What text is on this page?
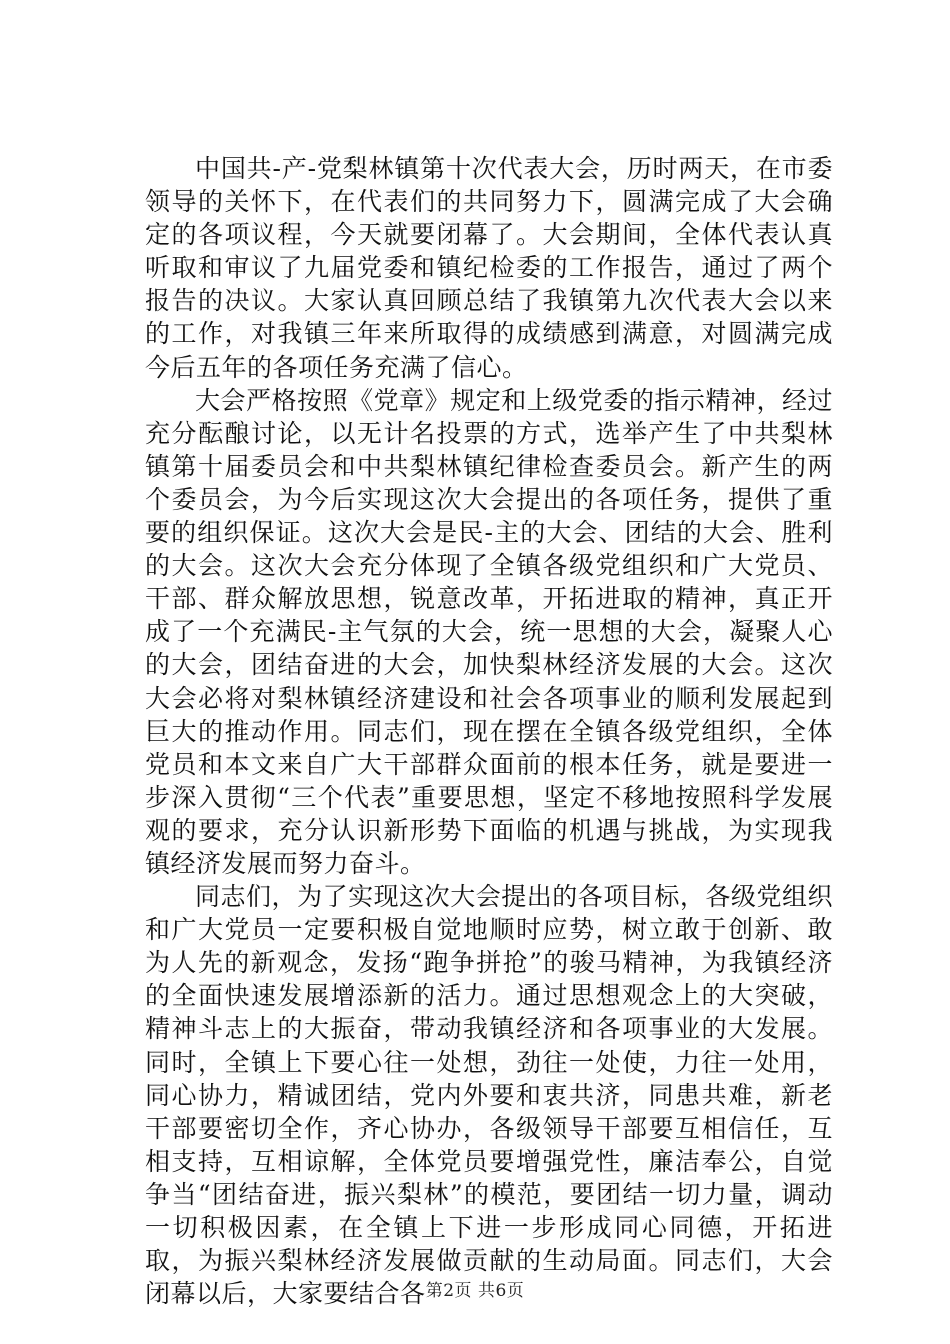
中国共-产-党梨林镇第十次代表大会，历时两天，在市委领导的关怀下，在代表们的共同努力下，圆满完成了大会确定的各项议程，今天就要闭幕了。大会期间，全体代表认真听取和审议了九届党委和镇纪检委的工作报告，通过了两个报告的决议。大家认真回顾总结了我镇第九次代表大会以来的工作，对我镇三年来所取得的成绩感到满意，对圆满完成今后五年的各项任务充满了信心。

大会严格按照《党章》规定和上级党委的指示精神，经过充分酝酿讨论，以无计名投票的方式，选举产生了中共梨林镇第十届委员会和中共梨林镇纪律检查委员会。新产生的两个委员会，为今后实现这次大会提出的各项任务，提供了重要的组织保证。这次大会是民-主的大会、团结的大会、胜利的大会。这次大会充分体现了全镇各级党组织和广大党员、干部、群众解放思想，锐意改革，开拓进取的精神，真正开成了一个充满民-主气氛的大会，统一思想的大会，凝聚人心的大会，团结奋进的大会，加快梨林经济发展的大会。这次大会必将对梨林镇经济建设和社会各项事业的顺利发展起到巨大的推动作用。同志们，现在摆在全镇各级党组织，全体党员和本文来自广大干部群众面前的根本任务，就是要进一步深入贯彻“三个代表”重要思想，坚定不移地按照科学发展观的要求，充分认识新形势下面临的机遇与挑战，为实现我镇经济发展而努力奋斗。

同志们，为了实现这次大会提出的各项目标，各级党组织和广大党员一定要积极自觉地顺时应势，树立敢于创新、敢为人先的新观念，发扬“跑争拼抢”的骏马精神，为我镇经济的全面快速发展增添新的活力。通过思想观念上的大突破，精神斗志上的大振奋，带动我镇经济和各项事业的大发展。同时，全镇上下要心往一处想，劲往一处使，力往一处用，同心协力，精诚团结，党内外要和衷共济，同患共难，新老干部要密切全作，齐心协办，各级领导干部要互相信任，互相支持，互相谅解，全体党员要增强党性，廉洁奉公，自觉争当“团结奋进，振兴梨林”的模范，要团结一切力量，调动一切积极因素，在全镇上下进一步形成同心同德，开拓进取，为振兴梨林经济发展做贡献的生动局面。同志们，大会闭幕以后，大家要结合各 第2页 共6页
